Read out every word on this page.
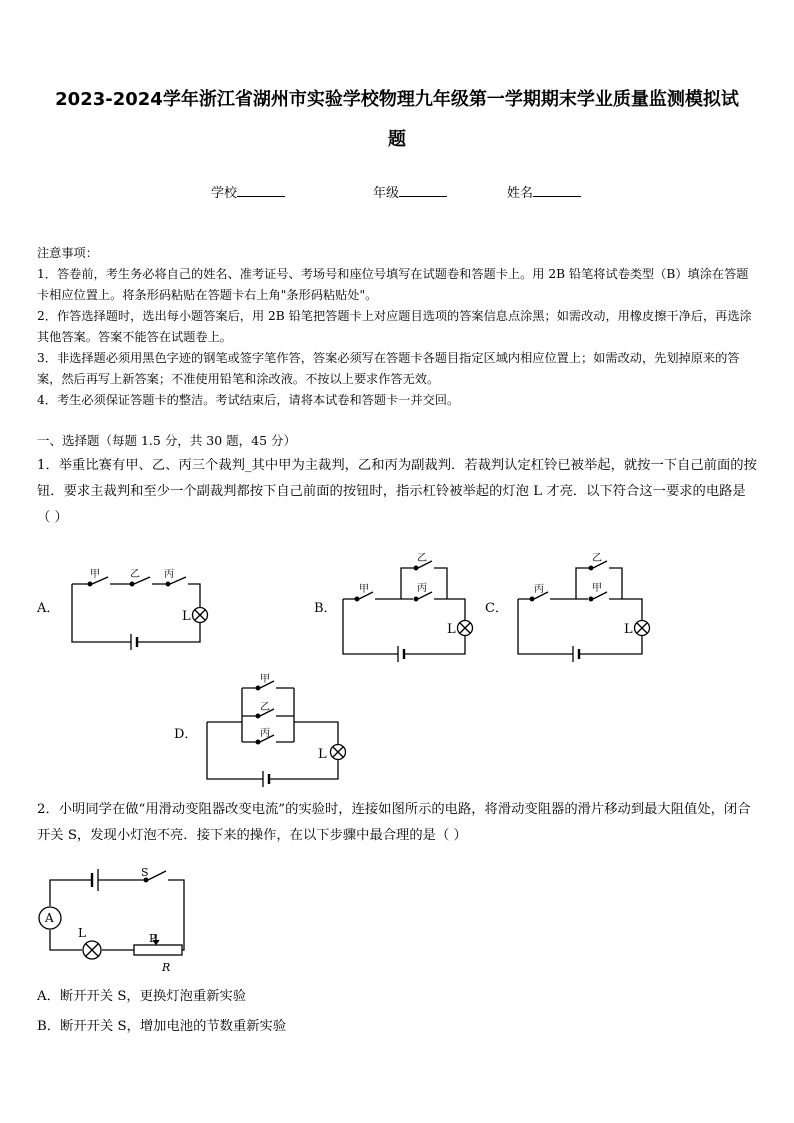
2023-2024学年浙江省湖州市实验学校物理九年级第一学期期末学业质量监测模拟试
题
学校	年级	姓名

注意事项：

1．答卷前，考生务必将自己的姓名、准考证号、考场号和座位号填写在试题卷和答题卡上。用 2B 铅笔将试卷类型（B）填涂在答题卡相应位置上。将条形码粘贴在答题卡右上角"条形码粘贴处"。

2．作答选择题时，选出每小题答案后，用 2B 铅笔把答题卡上对应题目选项的答案信息点涂黑；如需改动，用橡皮擦干净后，再选涂其他答案。答案不能答在试题卷上。

3．非选择题必须用黑色字迹的钢笔或签字笔作答，答案必须写在答题卡各题目指定区域内相应位置上；如需改动，先划掉原来的答案，然后再写上新答案；不准使用铅笔和涂改液。不按以上要求作答无效。

4．考生必须保证答题卡的整洁。考试结束后，请将本试卷和答题卡一并交回。

一、选择题（每题 1.5 分，共 30 题，45 分）

1．举重比赛有甲、乙、丙三个裁判_其中甲为主裁判，乙和丙为副裁判．若裁判认定杠铃已被举起，就按一下自己前面的按钮．要求主裁判和至少一个副裁判都按下自己前面的按钮时，指示杠铃被举起的灯泡 L 才亮．以下符合这一要求的电路是（ ）

A．	B．	C．
D．
甲	乙 丙
L
甲
乙
丙
L
丙
乙
甲
L
甲
乙
丙
L

2．小明同学在做“用滑动变阻器改变电流”的实验时，连接如图所示的电路，将滑动变阻器的滑片移动到最大阻值处，闭合开关 S，发现小灯泡不亮．接下来的操作，在以下步骤中最合理的是（ ）

S
A
L	P
R

A．断开开关 S，更换灯泡重新实验

B．断开开关 S，增加电池的节数重新实验
